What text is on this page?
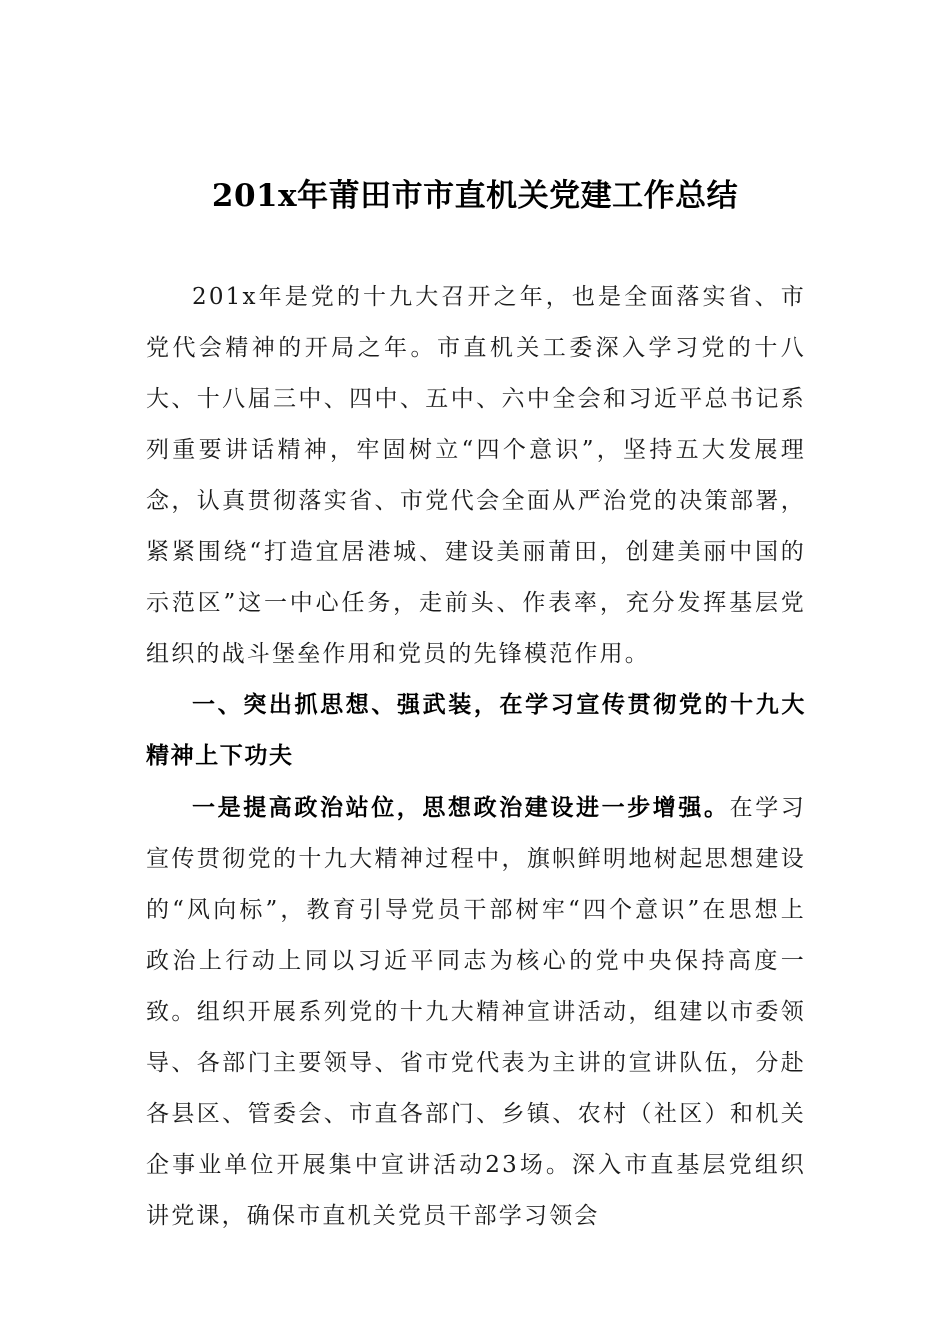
201x年莆田市市直机关党建工作总结

201x年是党的十九大召开之年，也是全面落实省、市党代会精神的开局之年。市直机关工委深入学习党的十八大、十八届三中、四中、五中、六中全会和习近平总书记系列重要讲话精神，牢固树立“四个意识”，坚持五大发展理念，认真贯彻落实省、市党代会全面从严治党的决策部署，紧紧围绕“打造宜居港城、建设美丽莆田，创建美丽中国的示范区”这一中心任务，走前头、作表率，充分发挥基层党组织的战斗堡垒作用和党员的先锋模范作用。

一、突出抓思想、强武装，在学习宣传贯彻党的十九大精神上下功夫

一是提高政治站位，思想政治建设进一步增强。在学习宣传贯彻党的十九大精神过程中，旗帜鲜明地树起思想建设的“风向标”，教育引导党员干部树牢“四个意识”在思想上政治上行动上同以习近平同志为核心的党中央保持高度一致。组织开展系列党的十九大精神宣讲活动，组建以市委领导、各部门主要领导、省市党代表为主讲的宣讲队伍，分赴各县区、管委会、市直各部门、乡镇、农村（社区）和机关企事业单位开展集中宣讲活动23场。深入市直基层党组织讲党课，确保市直机关党员干部学习领会
